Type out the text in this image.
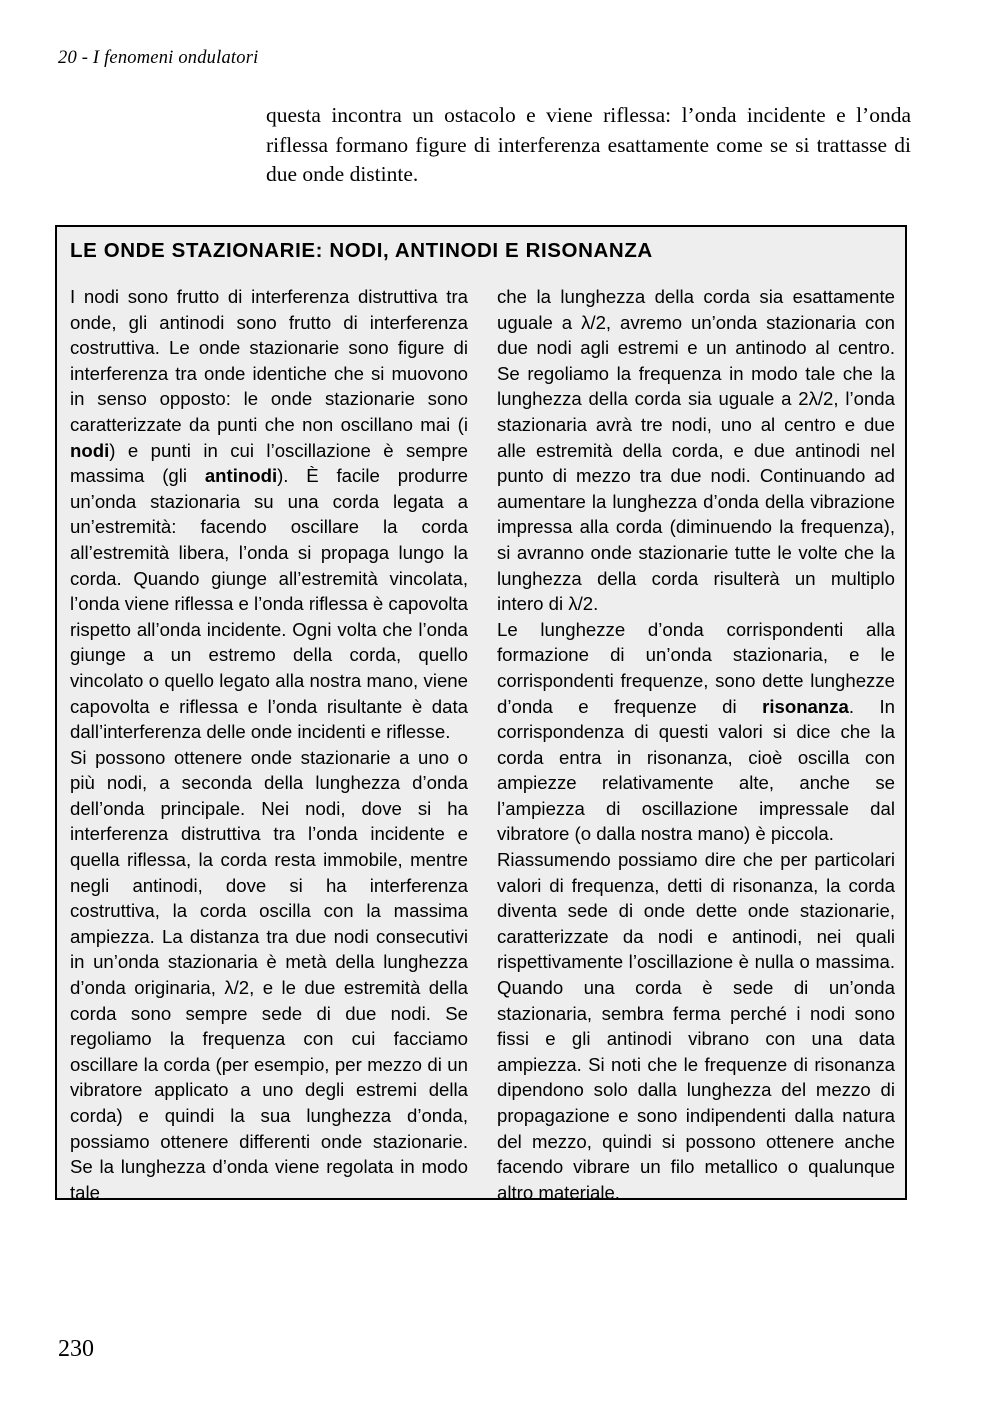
20 - I fenomeni ondulatori
questa incontra un ostacolo e viene riflessa: l’onda incidente e l’onda riflessa formano figure di interferenza esattamente come se si trattasse di due onde distinte.
LE ONDE STAZIONARIE: NODI, ANTINODI E RISONANZA

I nodi sono frutto di interferenza distruttiva tra onde, gli antinodi sono frutto di interferenza costruttiva. Le onde stazionarie sono figure di interferenza tra onde identiche che si muovono in senso opposto: le onde stazionarie sono caratterizzate da punti che non oscillano mai (i nodi) e punti in cui l’oscillazione è sempre massima (gli antinodi). È facile produrre un’onda stazionaria su una corda legata a un’estremità: facendo oscillare la corda all’estremità libera, l’onda si propaga lungo la corda. Quando giunge all’estremità vincolata, l’onda viene riflessa e l’onda riflessa è capovolta rispetto all’onda incidente. Ogni volta che l’onda giunge a un estremo della corda, quello vincolato o quello legato alla nostra mano, viene capovolta e riflessa e l’onda risultante è data dall’interferenza delle onde incidenti e riflesse.

Si possono ottenere onde stazionarie a uno o più nodi, a seconda della lunghezza d’onda dell’onda principale. Nei nodi, dove si ha interferenza distruttiva tra l’onda incidente e quella riflessa, la corda resta immobile, mentre negli antinodi, dove si ha interferenza costruttiva, la corda oscilla con la massima ampiezza. La distanza tra due nodi consecutivi in un’onda stazionaria è metà della lunghezza d’onda originaria, λ/2, e le due estremità della corda sono sempre sede di due nodi. Se regoliamo la frequenza con cui facciamo oscillare la corda (per esempio, per mezzo di un vibratore applicato a uno degli estremi della corda) e quindi la sua lunghezza d’onda, possiamo ottenere differenti onde stazionarie. Se la lunghezza d’onda viene regolata in modo tale

che la lunghezza della corda sia esattamente uguale a λ/2, avremo un’onda stazionaria con due nodi agli estremi e un antinodo al centro. Se regoliamo la frequenza in modo tale che la lunghezza della corda sia uguale a 2λ/2, l’onda stazionaria avrà tre nodi, uno al centro e due alle estremità della corda, e due antinodi nel punto di mezzo tra due nodi. Continuando ad aumentare la lunghezza d’onda della vibrazione impressa alla corda (diminuendo la frequenza), si avranno onde stazionarie tutte le volte che la lunghezza della corda risulterà un multiplo intero di λ/2.

Le lunghezze d’onda corrispondenti alla formazione di un’onda stazionaria, e le corrispondenti frequenze, sono dette lunghezze d’onda e frequenze di risonanza. In corrispondenza di questi valori si dice che la corda entra in risonanza, cioè oscilla con ampiezze relativamente alte, anche se l’ampiezza di oscillazione impressale dal vibratore (o dalla nostra mano) è piccola.

Riassumendo possiamo dire che per particolari valori di frequenza, detti di risonanza, la corda diventa sede di onde dette onde stazionarie, caratterizzate da nodi e antinodi, nei quali rispettivamente l’oscillazione è nulla o massima. Quando una corda è sede di un’onda stazionaria, sembra ferma perché i nodi sono fissi e gli antinodi vibrano con una data ampiezza. Si noti che le frequenze di risonanza dipendono solo dalla lunghezza del mezzo di propagazione e sono indipendenti dalla natura del mezzo, quindi si possono ottenere anche facendo vibrare un filo metallico o qualunque altro materiale.

230
